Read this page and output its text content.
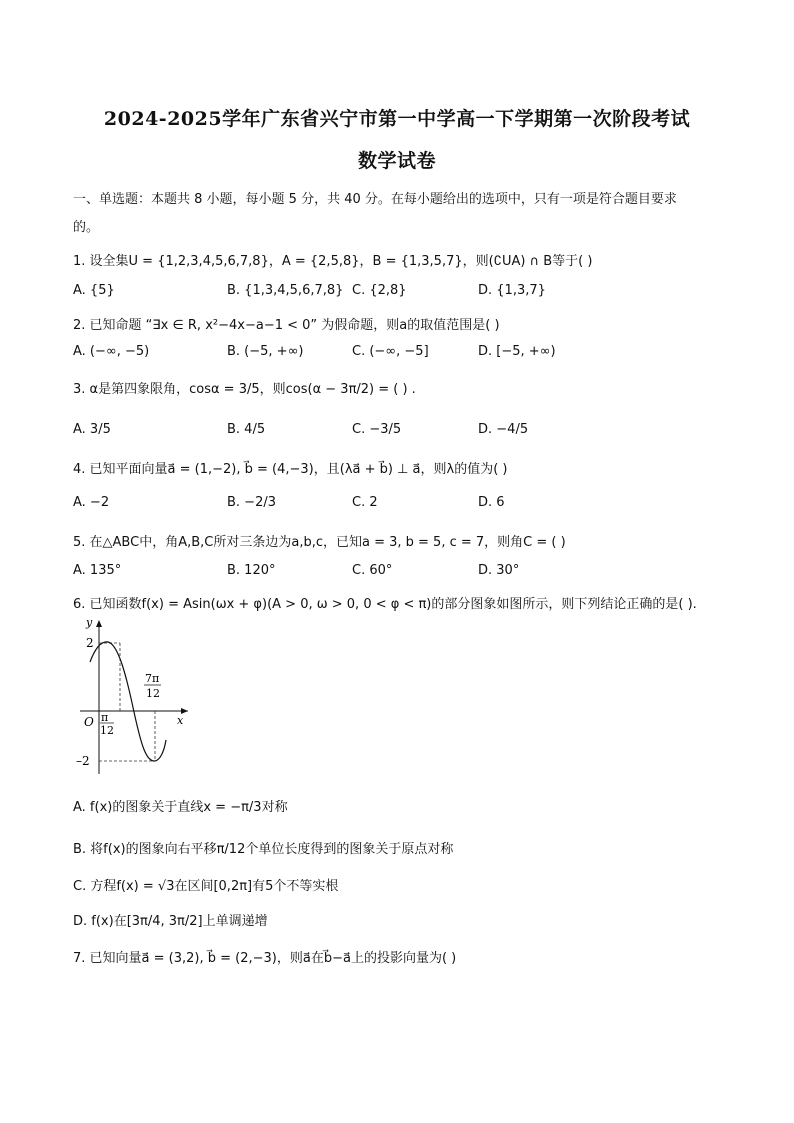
2024-2025学年广东省兴宁市第一中学高一下学期第一次阶段考试
数学试卷
一、单选题：本题共 8 小题，每小题 5 分，共 40 分。在每小题给出的选项中，只有一项是符合题目要求
的。
1. 设全集U = {1,2,3,4,5,6,7,8}，A = {2,5,8}，B = {1,3,5,7}，则(∁UA) ∩ B等于( )
A. {5}	B. {1,3,4,5,6,7,8} C. {2,8}	D. {1,3,7}
2. 已知命题 “∃x ∈ R, x²−4x−a−1 < 0” 为假命题，则a的取值范围是( )
A. (−∞, −5)	B. (−5, +∞)	C. (−∞, −5]	D. [−5, +∞)
3. α是第四象限角，cosα = 3/5，则cos(α − 3π/2) = ( ) .
A. 3/5	B. 4/5	C. −3/5	D. −4/5
4. 已知平面向量a⃗ = (1,−2), b⃗ = (4,−3)，且(λa⃗ + b⃗) ⊥ a⃗，则λ的值为( )
A. −2	B. −2/3	C. 2	D. 6
5. 在△ABC中，角A,B,C所对三条边为a,b,c，已知a = 3, b = 5, c = 7，则角C = ( )
A. 135°	B. 120°	C. 60°	D. 30°
6. 已知函数f(x) = Asin(ωx + φ)(A > 0, ω > 0, 0 < φ < π)的部分图象如图所示，则下列结论正确的是( ).
y
x
O
2
–2
π
12
7π
12
A. f(x)的图象关于直线x = −π/3对称
B. 将f(x)的图象向右平移π/12个单位长度得到的图象关于原点对称
C. 方程f(x) = √3在区间[0,2π]有5个不等实根
D. f(x)在[3π/4, 3π/2]上单调递增
7. 已知向量a⃗ = (3,2), b⃗ = (2,−3)，则a⃗在b⃗−a⃗上的投影向量为( )
